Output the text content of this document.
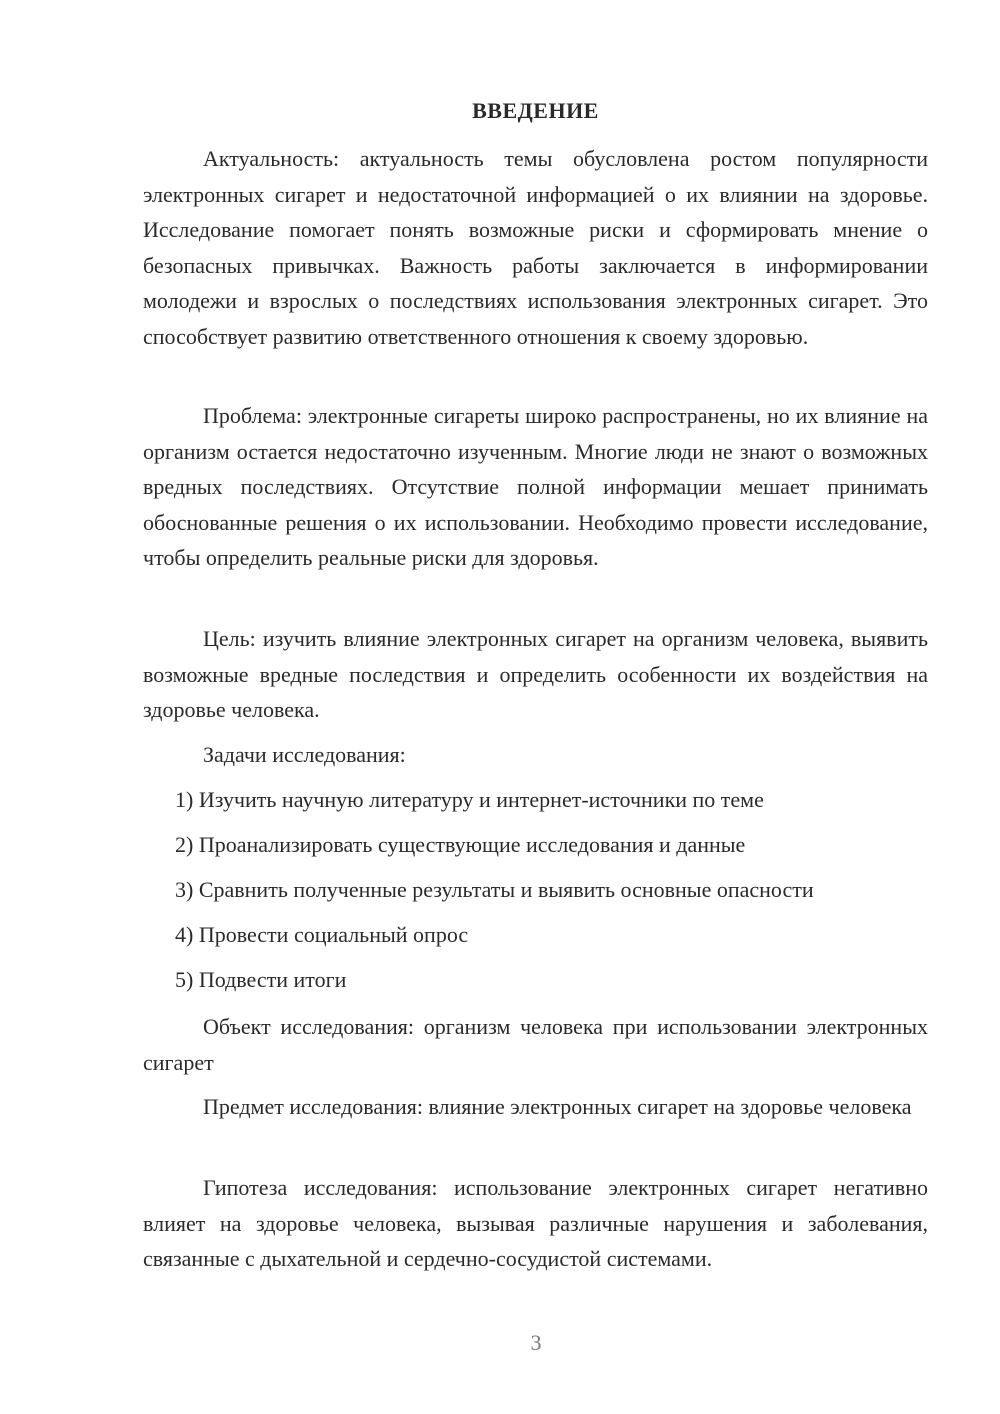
ВВЕДЕНИЕ

Актуальность: актуальность темы обусловлена ростом популярности электронных сигарет и недостаточной информацией о их влиянии на здоровье. Исследование помогает понять возможные риски и сформировать мнение о безопасных привычках. Важность работы заключается в информировании молодежи и взрослых о последствиях использования электронных сигарет. Это способствует развитию ответственного отношения к своему здоровью.

Проблема: электронные сигареты широко распространены, но их влияние на организм остается недостаточно изученным. Многие люди не знают о возможных вредных последствиях. Отсутствие полной информации мешает принимать обоснованные решения о их использовании. Необходимо провести исследование, чтобы определить реальные риски для здоровья.

Цель: изучить влияние электронных сигарет на организм человека, выявить возможные вредные последствия и определить особенности их воздействия на здоровье человека.

Задачи исследования:

1) Изучить научную литературу и интернет-источники по теме

2) Проанализировать существующие исследования и данные

3) Сравнить полученные результаты и выявить основные опасности

4) Провести социальный опрос

5) Подвести итоги

Объект исследования: организм человека при использовании электронных сигарет

Предмет исследования: влияние электронных сигарет на здоровье человека

Гипотеза исследования: использование электронных сигарет негативно влияет на здоровье человека, вызывая различные нарушения и заболевания, связанные с дыхательной и сердечно-сосудистой системами.

3
